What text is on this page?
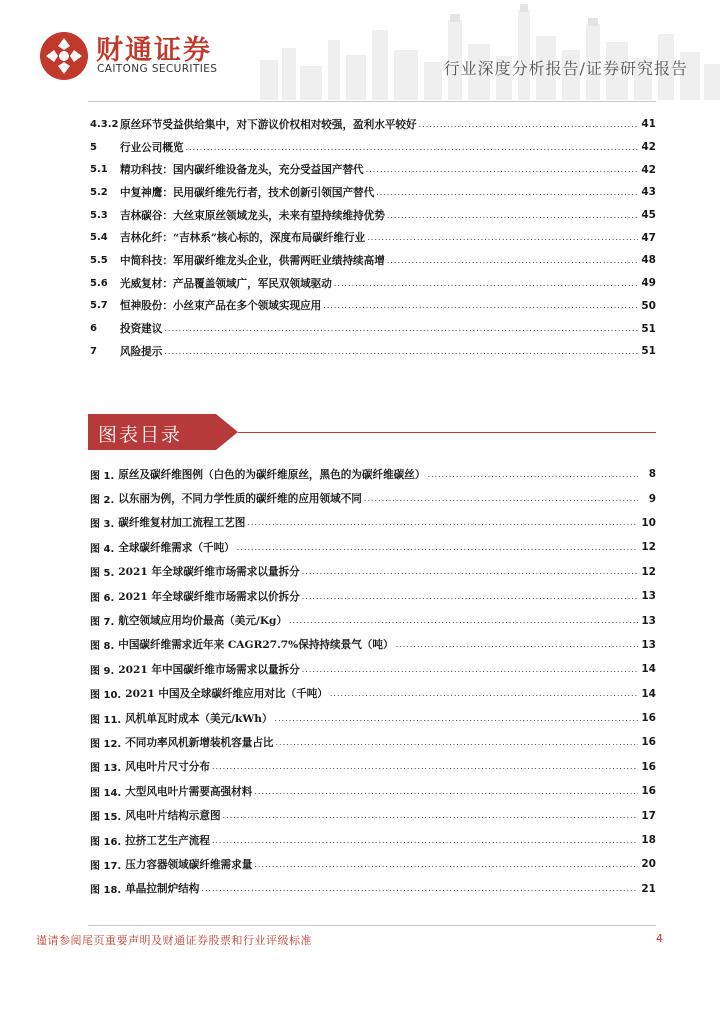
财通证券
CAITONG SECURITIES	行业深度分析报告/证券研究报告
4.3.2 原丝环节受益供给集中，对下游议价权相对较强，盈利水平较好 .....	41
5	行业公司概览 .....	42
5.1	精功科技：国内碳纤维设备龙头，充分受益国产替代 .....	42
5.2	中复神鹰：民用碳纤维先行者，技术创新引领国产替代 .....	43
5.3	吉林碳谷：大丝束原丝领域龙头，未来有望持续维持优势 .....	45
5.4	吉林化纤：“吉林系”核心标的，深度布局碳纤维行业 .....	47
5.5	中简科技：军用碳纤维龙头企业，供需两旺业绩持续高增 .....	48
5.6	光威复材：产品覆盖领域广，军民双领域驱动 .....	49
5.7	恒神股份：小丝束产品在多个领域实现应用 .....	50
6	投资建议 .....	51
7	风险提示 .....	51
图表目录
图 1. 原丝及碳纤维图例（白色的为碳纤维原丝，黑色的为碳纤维碳丝） .....	8
图 2. 以东丽为例，不同力学性质的碳纤维的应用领域不同 .....	9
图 3. 碳纤维复材加工流程工艺图 .....	10
图 4. 全球碳纤维需求（千吨） .....	12
图 5. 2021 年全球碳纤维市场需求以量拆分 .....	12
图 6. 2021 年全球碳纤维市场需求以价拆分 .....	13
图 7. 航空领域应用均价最高（美元/Kg） .....	13
图 8. 中国碳纤维需求近年来 CAGR27.7%保持持续景气（吨） .....	13
图 9. 2021 年中国碳纤维市场需求以量拆分 .....	14
图 10. 2021 中国及全球碳纤维应用对比（千吨） .....	14
图 11. 风机单瓦时成本（美元/kWh） .....	16
图 12. 不同功率风机新增装机容量占比 .....	16
图 13. 风电叶片尺寸分布 .....	16
图 14. 大型风电叶片需要高强材料 .....	16
图 15. 风电叶片结构示意图 .....	17
图 16. 拉挤工艺生产流程 .....	18
图 17. 压力容器领域碳纤维需求量 .....	20
图 18. 单晶拉制炉结构 .....	21
谨请参阅尾页重要声明及财通证券股票和行业评级标准	4
